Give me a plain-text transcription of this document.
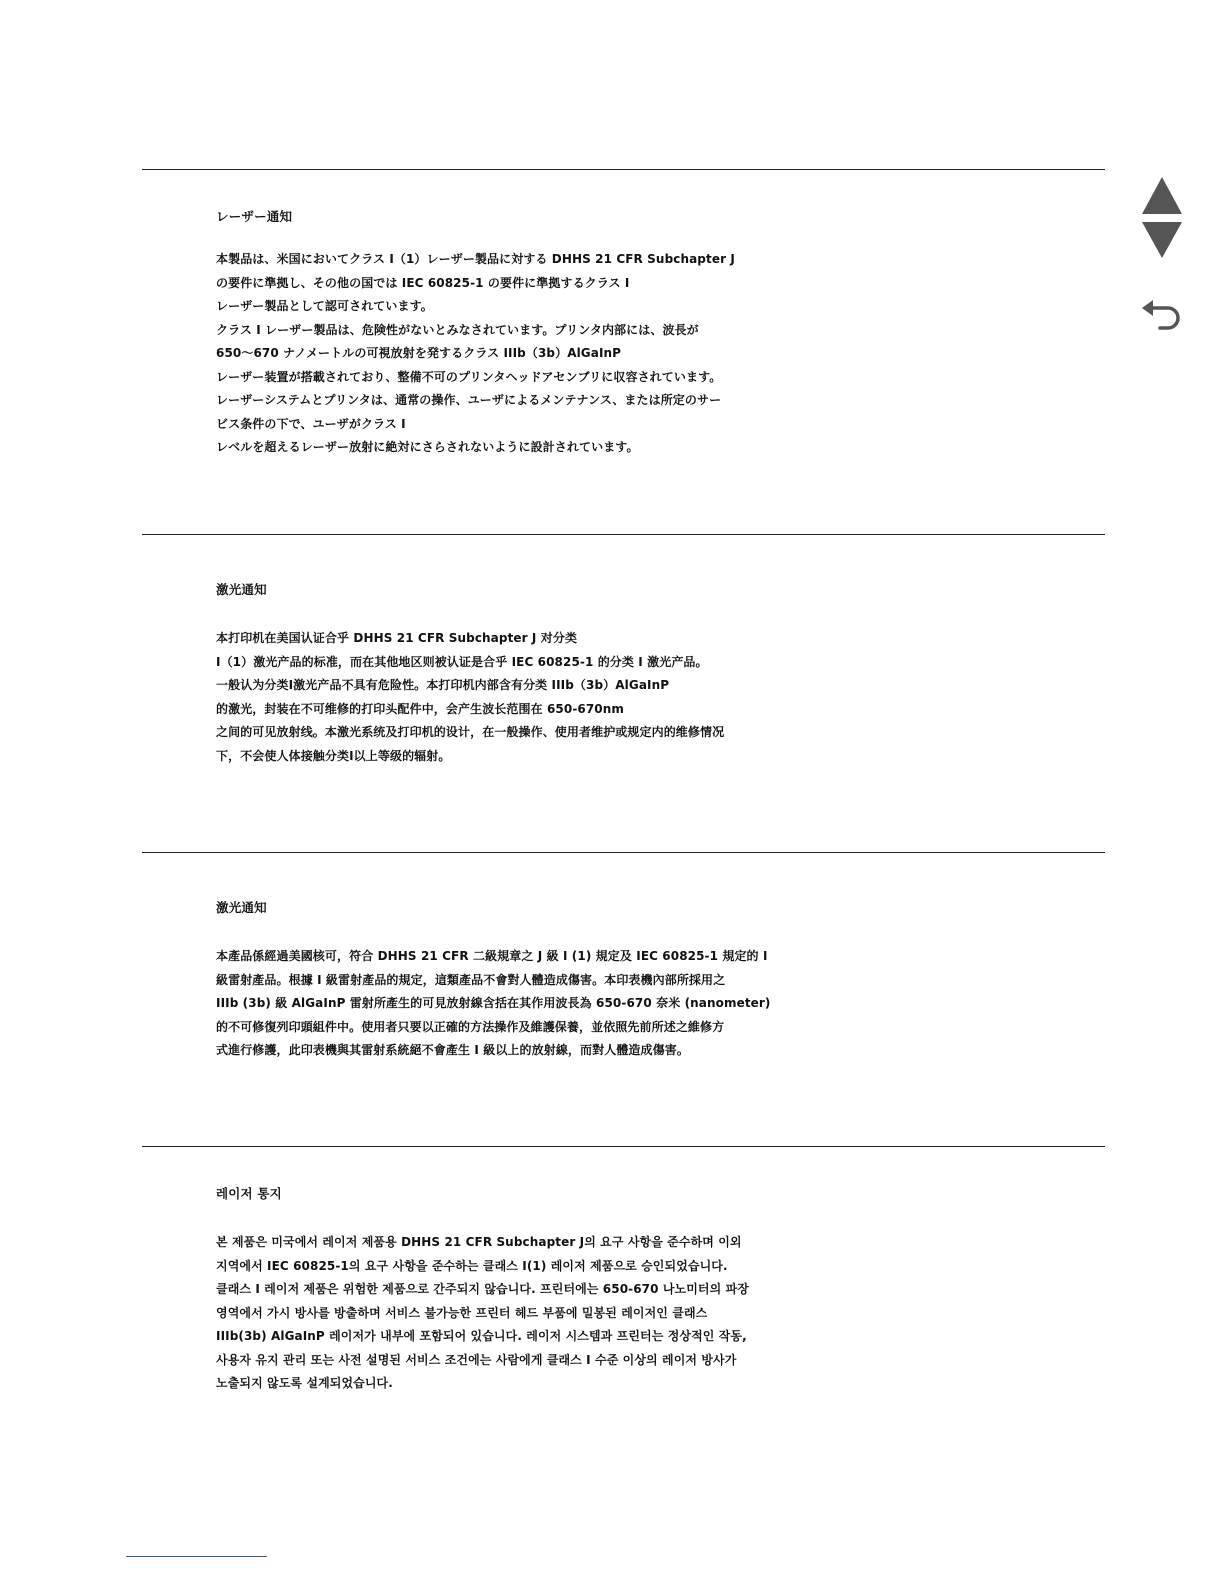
レーザー通知
本製品は、米国においてクラス I（1）レーザー製品に対する DHHS 21 CFR Subchapter J
の要件に準拠し、その他の国では IEC 60825-1 の要件に準拠するクラス I
レーザー製品として認可されています。
クラス I レーザー製品は、危険性がないとみなされています。プリンタ内部には、波長が
650～670 ナノメートルの可視放射を発するクラス IIIb（3b）AlGaInP
レーザー装置が搭載されており、整備不可のプリンタヘッドアセンブリに収容されています。
レーザーシステムとプリンタは、通常の操作、ユーザによるメンテナンス、または所定のサー
ビス条件の下で、ユーザがクラス I
レベルを超えるレーザー放射に絶対にさらされないように設計されています。
激光通知
本打印机在美国认证合乎 DHHS 21 CFR Subchapter J 对分类
I（1）激光产品的标准，而在其他地区则被认证是合乎 IEC 60825-1 的分类 I 激光产品。
一般认为分类I激光产品不具有危险性。本打印机内部含有分类 IIIb（3b）AlGaInP
的激光，封装在不可维修的打印头配件中，会产生波长范围在 650-670nm
之间的可见放射线。本激光系统及打印机的设计，在一般操作、使用者维护或规定内的维修情况
下，不会使人体接触分类I以上等级的辐射。
激光通知
本產品係經過美國核可，符合 DHHS 21 CFR 二級規章之 J 級 I (1) 規定及 IEC 60825-1 規定的 I
級雷射產品。根據 I 級雷射產品的規定，這類產品不會對人體造成傷害。本印表機內部所採用之
IIIb (3b) 級 AlGaInP 雷射所產生的可見放射線含括在其作用波長為 650-670 奈米 (nanometer)
的不可修復列印頭組件中。使用者只要以正確的方法操作及維護保養，並依照先前所述之維修方
式進行修護，此印表機與其雷射系統絕不會產生 I 級以上的放射線，而對人體造成傷害。
레이저 통지
본 제품은 미국에서 레이저 제품용 DHHS 21 CFR Subchapter J의 요구 사항을 준수하며 이외
지역에서 IEC 60825-1의 요구 사항을 준수하는 클래스 I(1) 레이저 제품으로 승인되었습니다.
클래스 I 레이저 제품은 위험한 제품으로 간주되지 않습니다. 프린터에는 650-670 나노미터의 파장
영역에서 가시 방사를 방출하며 서비스 불가능한 프린터 헤드 부품에 밀봉된 레이저인 클래스
IIIb(3b) AlGaInP 레이저가 내부에 포함되어 있습니다. 레이저 시스템과 프린터는 정상적인 작동,
사용자 유지 관리 또는 사전 설명된 서비스 조건에는 사람에게 클래스 I 수준 이상의 레이저 방사가
노출되지 않도록 설계되었습니다.
